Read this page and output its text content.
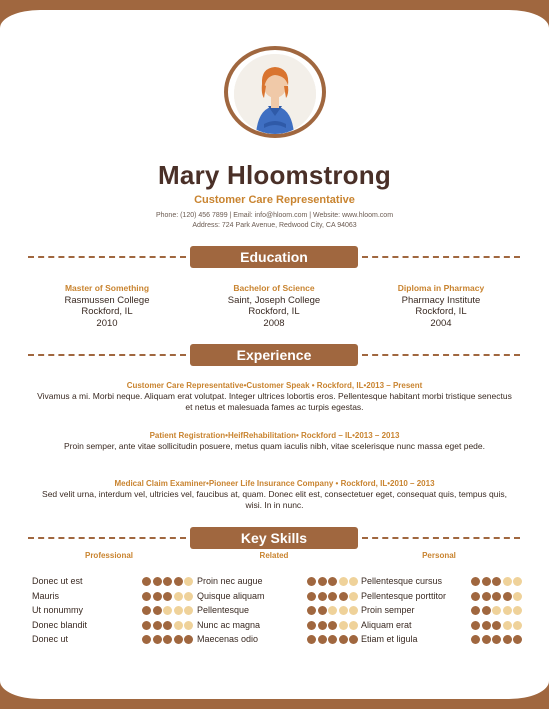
Mary Hloomstrong
Customer Care Representative
Phone: (120) 456 7899 | Email: info@hloom.com | Website: www.hloom.com
Address: 724 Park Avenue, Redwood City, CA 94063
Education
Master of Something
Rasmussen College
Rockford, IL
2010
Bachelor of Science
Saint, Joseph College
Rockford, IL
2008
Diploma in Pharmacy
Pharmacy Institute
Rockford, IL
2004
Experience
Customer Care Representative•Customer Speak • Rockford, IL•2013 – Present
Vivamus a mi. Morbi neque. Aliquam erat volutpat. Integer ultrices lobortis eros. Pellentesque habitant morbi tristique senectus et netus et malesuada fames ac turpis egestas.
Patient Registration•HeifRehabilitation• Rockford – IL•2013 – 2013
Proin semper, ante vitae sollicitudin posuere, metus quam iaculis nibh, vitae scelerisque nunc massa eget pede.
Medical Claim Examiner•Pioneer Life Insurance Company • Rockford, IL•2010 – 2013
Sed velit urna, interdum vel, ultricies vel, faucibus at, quam. Donec elit est, consectetuer eget, consequat quis, tempus quis, wisi. In in nunc.
Key Skills
Professional	Related	Personal
Donec ut est
Mauris
Ut nonummy
Donec blandit
Donec ut
Proin nec augue
Quisque aliquam
Pellentesque
Nunc ac magna
Maecenas odio
Pellentesque cursus
Pellentesque porttitor
Proin semper
Aliquam erat
Etiam et ligula
